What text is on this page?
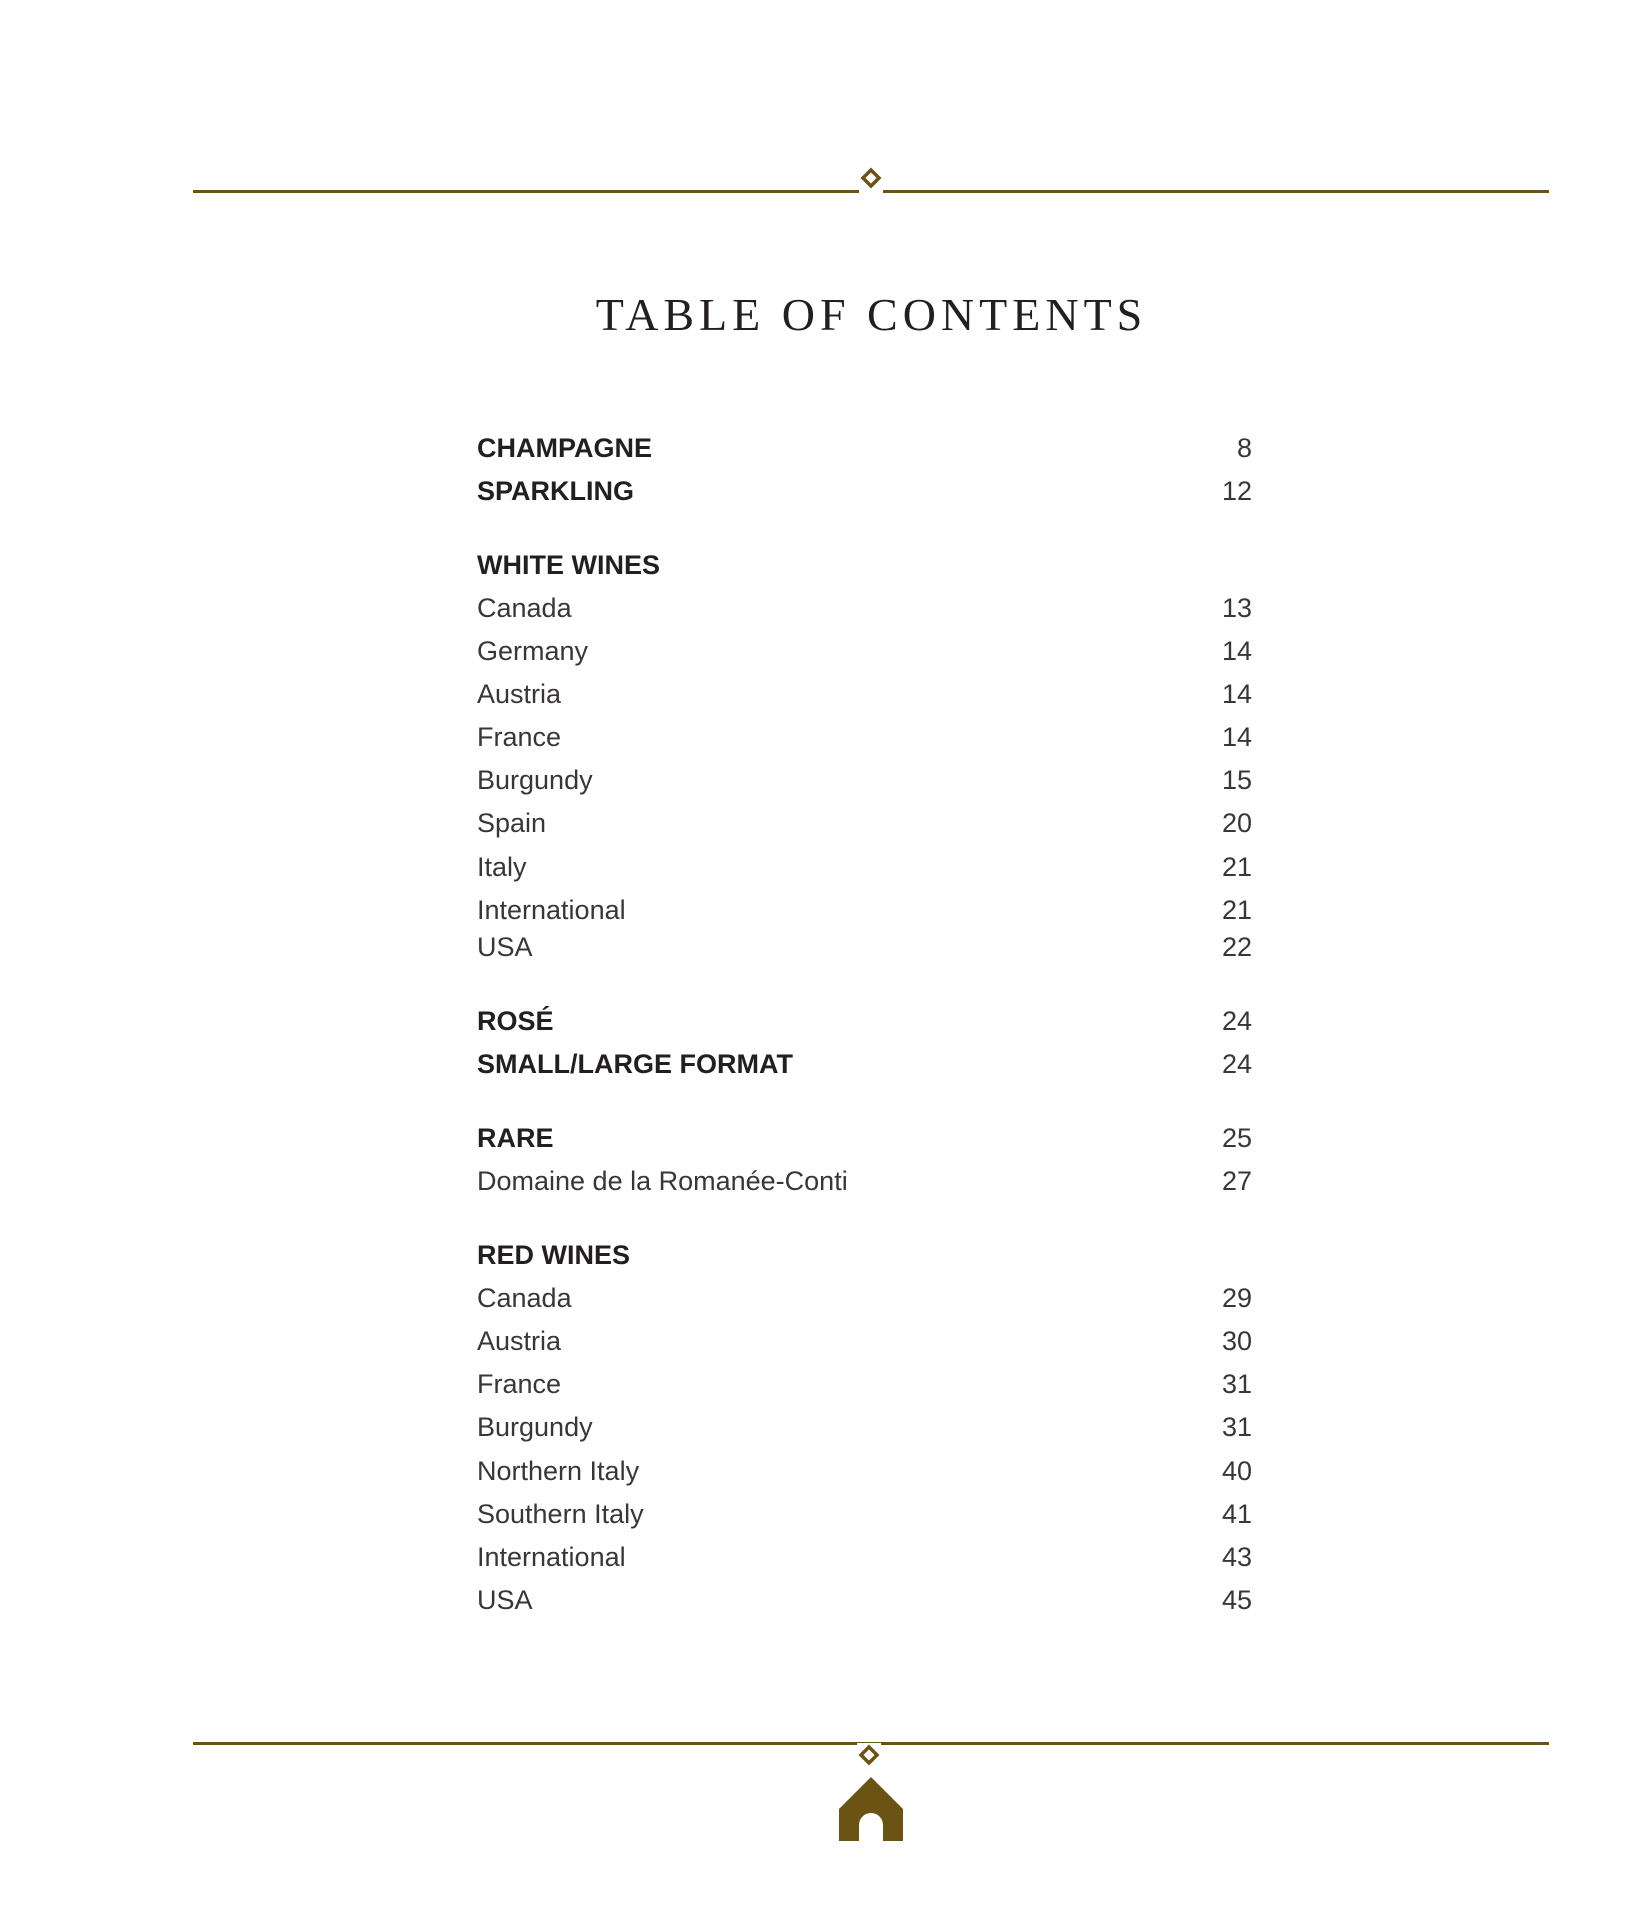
TABLE OF CONTENTS
CHAMPAGNE	8
SPARKLING	12
WHITE WINES
Canada	13
Germany	14
Austria	14
France	14
Burgundy	15
Spain	20
Italy	21
International	21
USA	22
ROSÉ	24
SMALL/LARGE FORMAT	24
RARE	25
Domaine de la Romanée-Conti	27
RED WINES
Canada	29
Austria	30
France	31
Burgundy	31
Northern Italy	40
Southern Italy	41
International	43
USA	45
